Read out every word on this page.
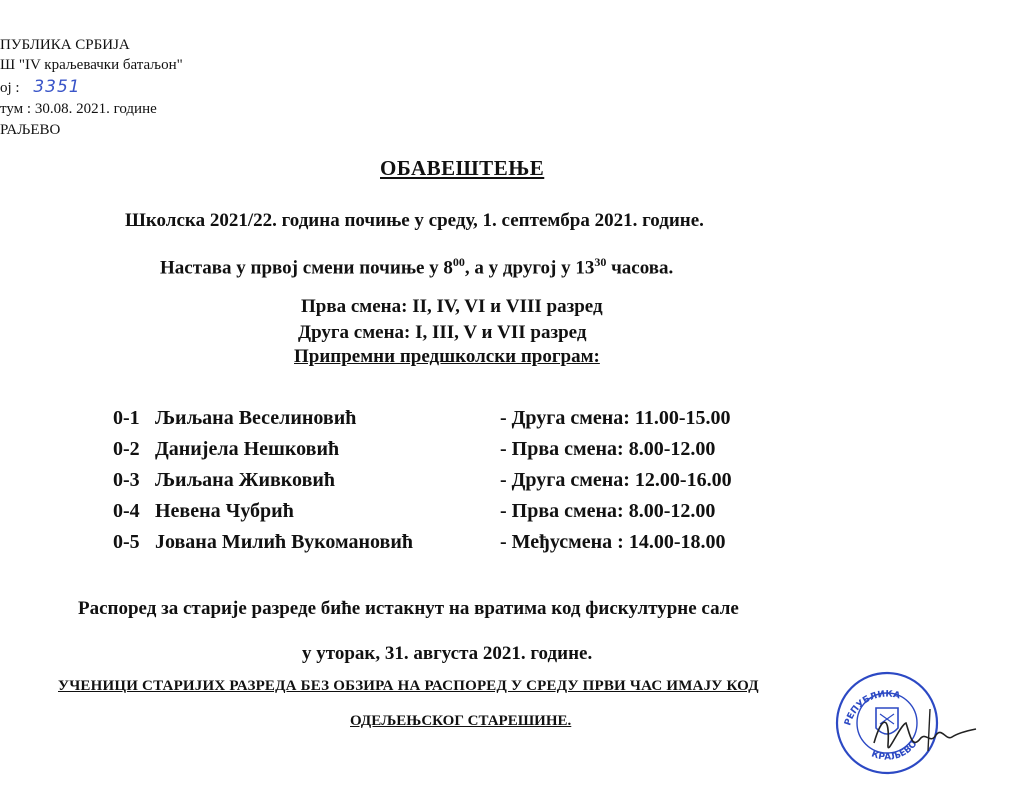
ПУБЛИКА СРБИЈА
Ш "IV краљевачки батаљон"
ој : 3351
тум : 30.08. 2021. године
РАЉЕВО
ОБАВЕШТЕЊЕ
Школска 2021/22. година почиње у среду, 1. септембра 2021. године.
Настава у првој смени почиње у $8^{00}$, а у другој у $13^{30}$ часова.
Прва смена: II, IV, VI и VIII разред
Друга смена: I, III, V и VII разред
Припремни предшколски програм:
0-1 Љиљана Веселиновић	- Друга смена: 11.00-15.00
0-2 Данијела Нешковић	- Прва смена: 8.00-12.00
0-3 Љиљана Живковић	- Друга смена: 12.00-16.00
0-4 Невена Чубрић	- Прва смена: 8.00-12.00
0-5 Јована Милић Вукомановић	- Међусмена : 14.00-18.00
Распоред за старије разреде биће истакнут на вратима код фискултурне сале
у уторак, 31. августа 2021. године.
УЧЕНИЦИ СТАРИЈИХ РАЗРЕДА БЕЗ ОБЗИРА НА РАСПОРЕД У СРЕДУ ПРВИ ЧАС ИМАЈУ КОД
ОДЕЉЕЊСКОГ СТАРЕШИНЕ.	РЕПУБЛИКА
КРАЉЕВО
